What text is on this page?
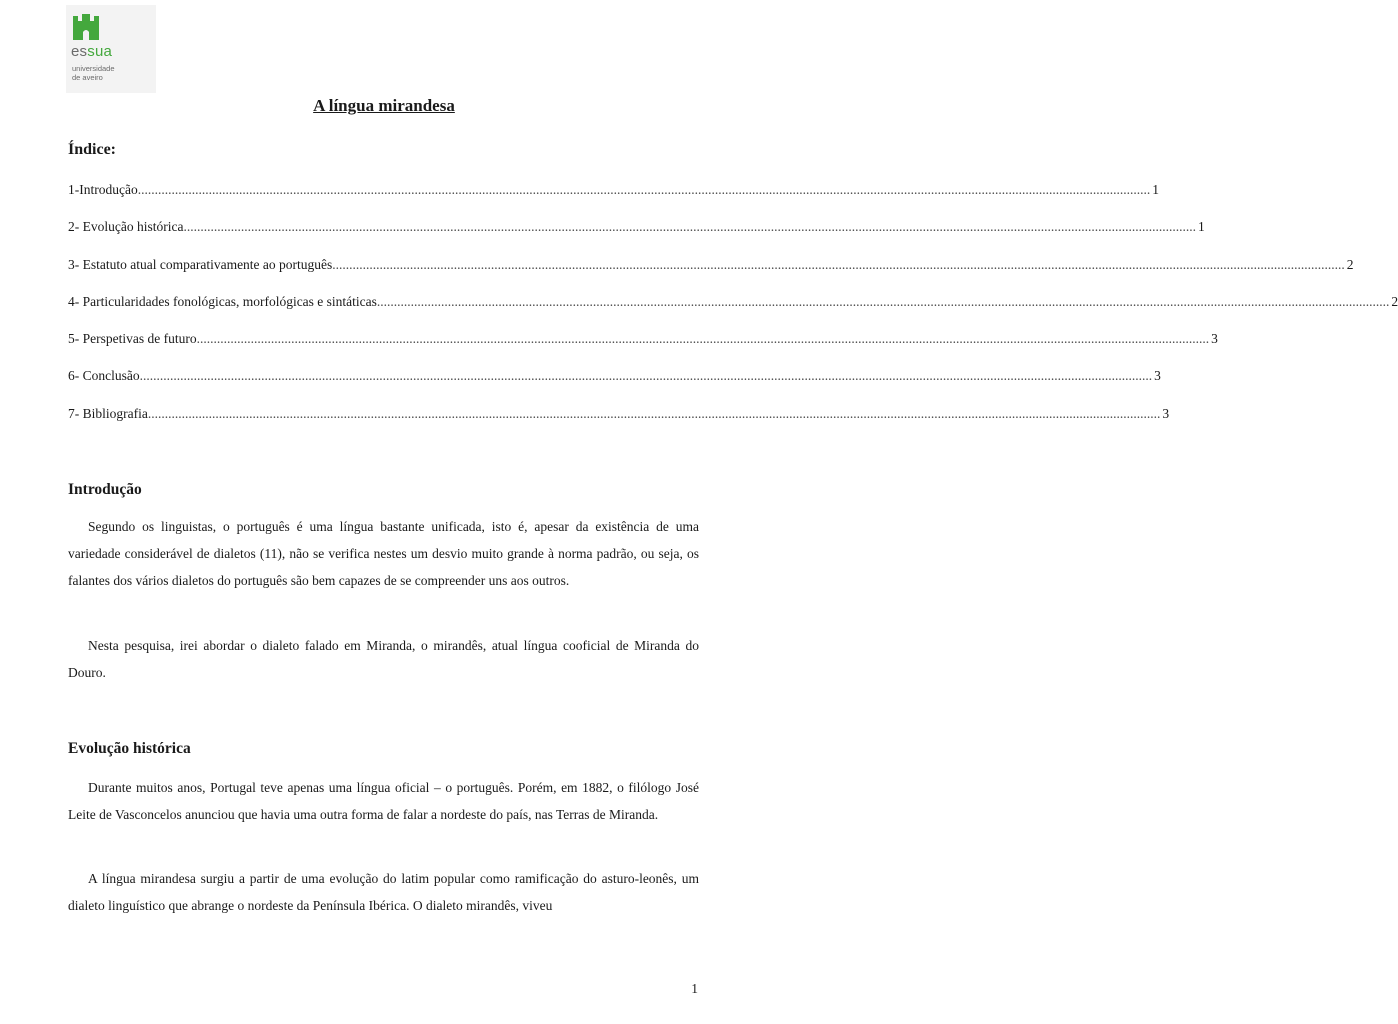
essua
universidade
de aveiro
A língua mirandesa
Índice:
1-Introdução ............................................................................................................................................................................................................................................................................................................ 1
2- Evolução histórica ............................................................................................................................................................................................................................................................................................................ 1
3- Estatuto atual comparativamente ao português ............................................................................................................................................................................................................................................................................................................ 2
4- Particularidades fonológicas, morfológicas e sintáticas ............................................................................................................................................................................................................................................................................................................ 2
5- Perspetivas de futuro ............................................................................................................................................................................................................................................................................................................ 3
6- Conclusão ............................................................................................................................................................................................................................................................................................................ 3
7- Bibliografia ............................................................................................................................................................................................................................................................................................................ 3
Introdução

Segundo os linguistas, o português é uma língua bastante unificada, isto é, apesar da existência de uma variedade considerável de dialetos (11), não se verifica nestes um desvio muito grande à norma padrão, ou seja, os falantes dos vários dialetos do português são bem capazes de se compreender uns aos outros.

Nesta pesquisa, irei abordar o dialeto falado em Miranda, o mirandês, atual língua cooficial de Miranda do Douro.

Evolução histórica

Durante muitos anos, Portugal teve apenas uma língua oficial – o português. Porém, em 1882, o filólogo José Leite de Vasconcelos anunciou que havia uma outra forma de falar a nordeste do país, nas Terras de Miranda.

A língua mirandesa surgiu a partir de uma evolução do latim popular como ramificação do asturo-leonês, um dialeto linguístico que abrange o nordeste da Península Ibérica. O dialeto mirandês, viveu

1
